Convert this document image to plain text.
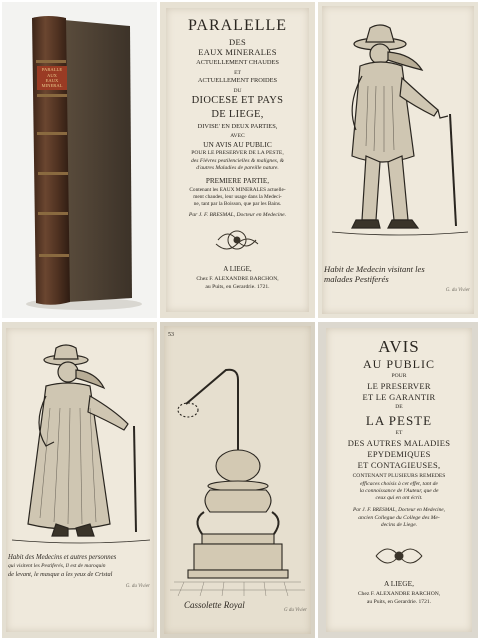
PARALLE
AUX
EAUX
MINERAL
PARALELLE
DES
EAUX MINERALES
ACTUELLEMENT CHAUDES
ET
ACTUELLEMENT FROIDES
DU
DIOCESE ET PAYS
DE LIEGE,
DIVISE' EN DEUX PARTIES,
AVEC
UN AVIS AU PUBLIC
POUR LE PRESERVER DE LA PESTE,
des Fiévres pestilencielles & malignes, &
d'autres Maladies de pareille nature.
PREMIERE PARTIE,
Contenant les EAUX MINERALES actuelle-
ment chaudes, leur usage dans la Medeci-
ne, tant par la Boisson, que par les Bains.
Par J. F. BRESMAL, Docteur en Medecine.
A LIEGE,
Chez F. ALEXANDRE BARCHON,
au Puits, en Gerardrie. 1721.
Habit de Medecin visitant les
malades Pestiferés
G. du Vivier
Habit des Medecins et autres personnes
qui visitent les Pestiferés, Il est de maroquin
de levant, le masque a les yeux de Cristal
G. du Vivier
53
Cassolette Royal
G du Vivier
AVIS
AU PUBLIC
POUR
LE PRESERVER
ET LE GARANTIR
DE
LA PESTE
ET
DES AUTRES MALADIES
EPYDEMIQUES
ET CONTAGIEUSES,
CONTENANT PLUSIEURS REMEDES
efficaces choisis à cet effet, tant de
la connoissance de l'Auteur, que de
ceux qui en ont écrit.
Par J. F. BRESMAL, Docteur en Medecine,
ancien Collegue du College des Me-
decins de Liege.
A LIEGE,
Chez F. ALEXANDRE BARCHON,
au Puits, en Gerardrie. 1721.
